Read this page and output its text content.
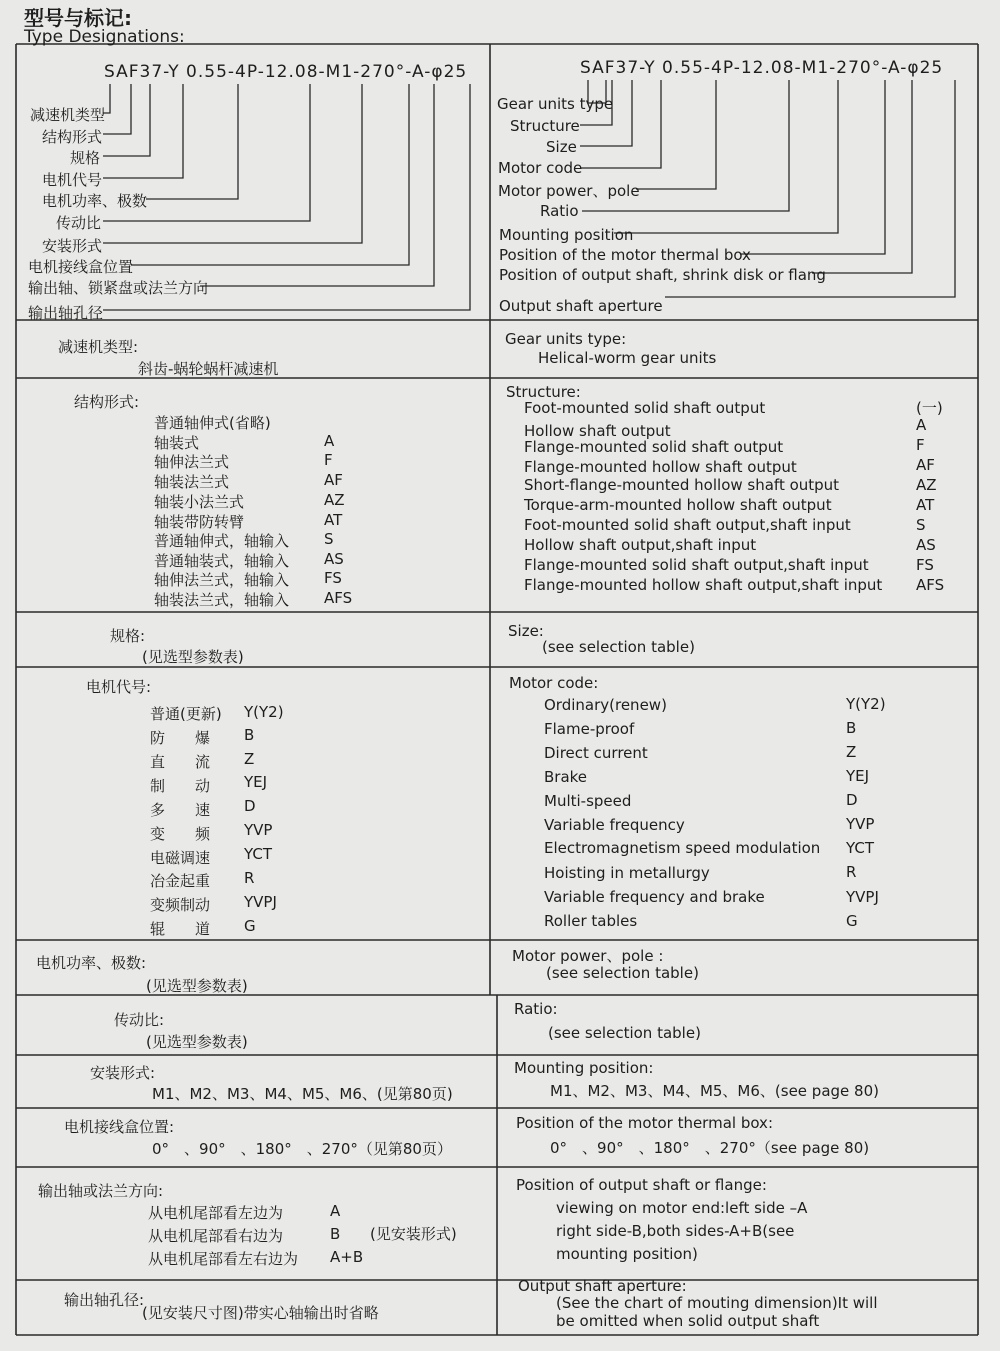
型号与标记:
Type Designations:
SAF37-Y 0.55-4P-12.08-M1-270°-A-φ25	SAF37-Y 0.55-4P-12.08-M1-270°-A-φ25
减速机类型
结构形式
规格
电机代号
电机功率、极数
传动比
安装形式
电机接线盒位置
输出轴、锁紧盘或法兰方向
输出轴孔径
Gear units type
Structure
Size
Motor code
Motor power、pole
Ratio
Mounting position
Position of the motor thermal box
Position of output shaft, shrink disk or flang
Output shaft aperture
减速机类型:
斜齿-蜗轮蜗杆减速机
Gear units type:
Helical-worm gear units
结构形式:
Structure:
普通轴伸式(省略)
轴装式
轴伸法兰式
轴装法兰式
轴装小法兰式
轴装带防转臂
普通轴伸式，轴输入
普通轴装式，轴输入
轴伸法兰式，轴输入
轴装法兰式，轴输入
A
F
AF
AZ
AT
S
AS
FS
AFS
Foot-mounted solid shaft output
Hollow shaft output
Flange-mounted solid shaft output
Flange-mounted hollow shaft output
Short-flange-mounted hollow shaft output
Torque-arm-mounted hollow shaft output
Foot-mounted solid shaft output,shaft input
Hollow shaft output,shaft input
Flange-mounted solid shaft output,shaft input
Flange-mounted hollow shaft output,shaft input
(一)
A
F
AF
AZ
AT
S
AS
FS
AFS
规格:
(见选型参数表)
Size:
(see selection table)
电机代号:	Motor code:
普通(更新)
防　　爆
直　　流
制　　动
多　　速
变　　频
电磁调速
冶金起重
变频制动
辊　　道
Y(Y2)
B
Z
YEJ
D
YVP
YCT
R
YVPJ
G
Ordinary(renew)
Flame-proof
Direct current
Brake
Multi-speed
Variable frequency
Electromagnetism speed modulation
Hoisting in metallurgy
Variable frequency and brake
Roller tables
Y(Y2)
B
Z
YEJ
D
YVP
YCT
R
YVPJ
G
电机功率、极数:
(见选型参数表)
Motor power、pole :
(see selection table)
传动比:
(见选型参数表)
Ratio:
(see selection table)
安装形式:
M1、M2、M3、M4、M5、M6、(见第80页)
Mounting position:
M1、M2、M3、M4、M5、M6、(see page 80)
电机接线盒位置:
0°　、90°　、180°　、270°（见第80页）
Position of the motor thermal box:
0°　、90°　、180°　、270°（see page 80)
输出轴或法兰方向:
从电机尾部看左边为
从电机尾部看右边为
从电机尾部看左右边为
A
B
A+B
(见安装形式)
Position of output shaft or flange:
viewing on motor end:left side –A
right side-B,both sides-A+B(see
mounting position)
输出轴孔径:
(见安装尺寸图)带实心轴输出时省略
Output shaft aperture:
(See the chart of mouting dimension)It will
be omitted when solid output shaft
